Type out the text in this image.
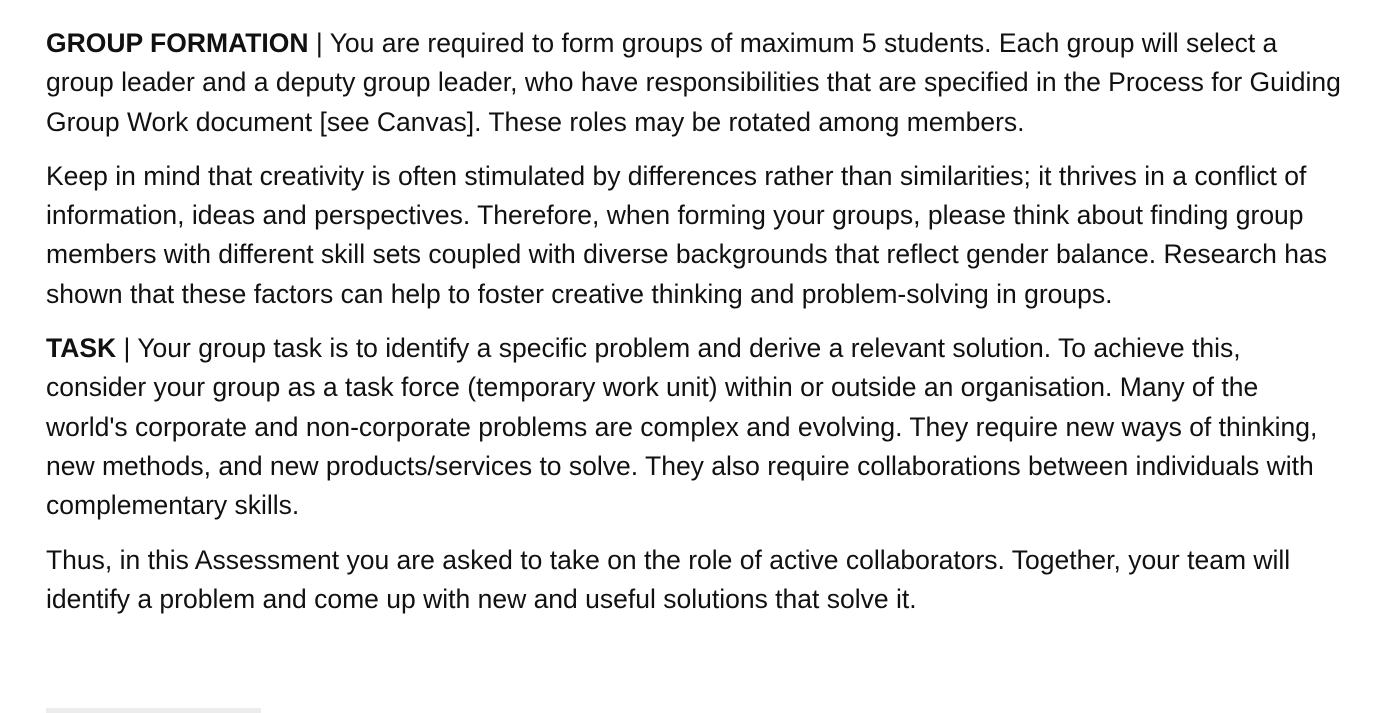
GROUP FORMATION | You are required to form groups of maximum 5 students. Each group will select a group leader and a deputy group leader, who have responsibilities that are specified in the Process for Guiding Group Work document [see Canvas]. These roles may be rotated among members.

Keep in mind that creativity is often stimulated by differences rather than similarities; it thrives in a conflict of information, ideas and perspectives. Therefore, when forming your groups, please think about finding group members with different skill sets coupled with diverse backgrounds that reflect gender balance. Research has shown that these factors can help to foster creative thinking and problem-solving in groups.

TASK | Your group task is to identify a specific problem and derive a relevant solution. To achieve this, consider your group as a task force (temporary work unit) within or outside an organisation. Many of the world's corporate and non-corporate problems are complex and evolving. They require new ways of thinking, new methods, and new products/services to solve. They also require collaborations between individuals with complementary skills.

Thus, in this Assessment you are asked to take on the role of active collaborators. Together, your team will identify a problem and come up with new and useful solutions that solve it.
